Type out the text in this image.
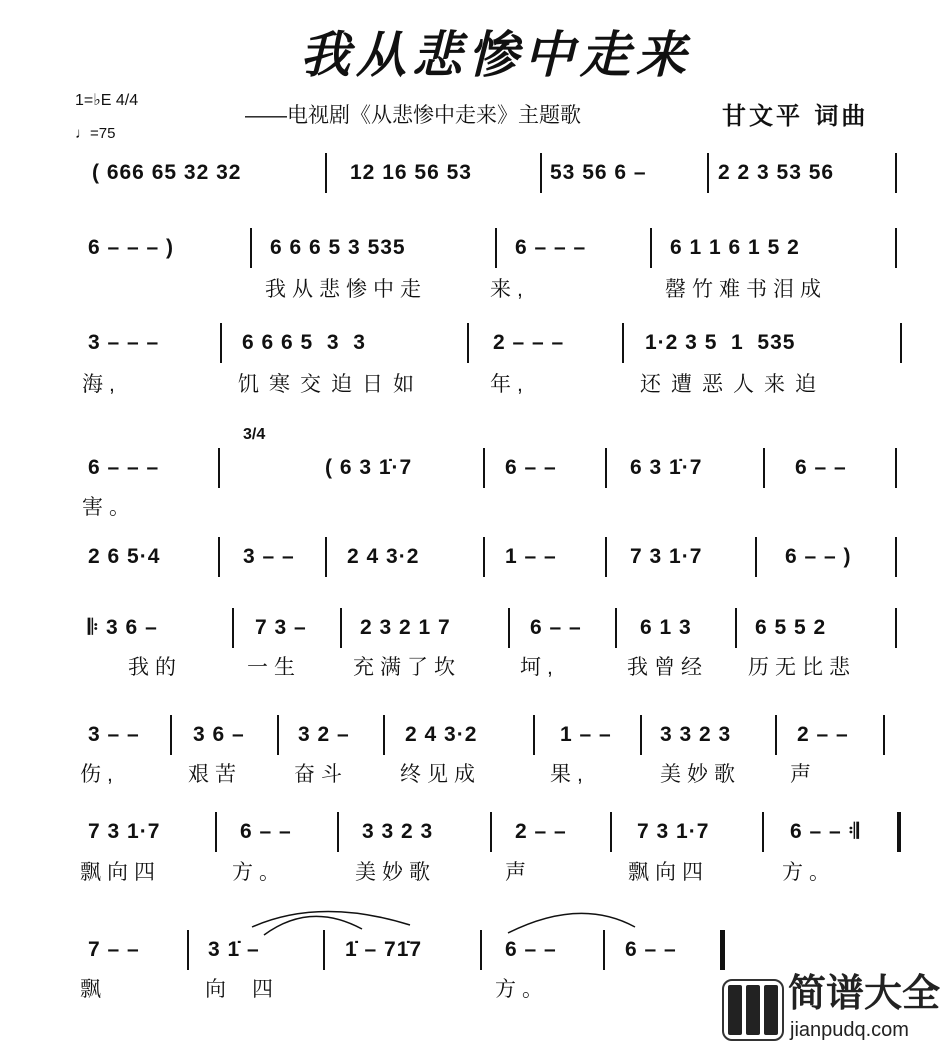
我从悲惨中走来
1=♭E 4/4
♩=75
——电视剧《从悲惨中走来》主题歌	甘文平 词曲
( 666 65 32 32	12 16 56 53	53 56 6 –	2 2 3 53 56
6 – – – )	6 6 6 5 3 535	6 – – –	6 1 1 6 1 5 2
我从悲惨中走	来,	罄竹难书泪成
3 – – –	6 6 6 5  3  3	2 – – –	1·2 3 5  1  535
海,	饥寒交迫日如	年,	还遭恶人来迫
3/4
6 – – –	( 6 3 1̇·7	6 – –	6 3 1̇·7	6 – –
害。
2 6 5·4	3 – – 2 4 3·2	1 – –	7 3 1·7	6 – – )
𝄆 3 6 –	7 3 –	2 3 2 1 7	6 – –	6 1 3	6 5 5 2
我的	一生 充满了坎	坷,	我曾经 历无比悲
3 – –	3 6 –	3 2 –	2 4 3·2	1 – – 3 3 2 3	2 – –
伤,	艰苦 奋斗 终见成	果,	美妙歌 声
7 3 1·7	6 – –	3 3 2 3	2 – –	7 3 1·7	6 – – 𝄇
飘向四	方。	美妙歌	声	飘向四	方。
7 – –	3 1̇ –	1̇ – 71̇7	6 – –	6 – –
飘	向 四	方。

	简谱大全

jianpudq.com
